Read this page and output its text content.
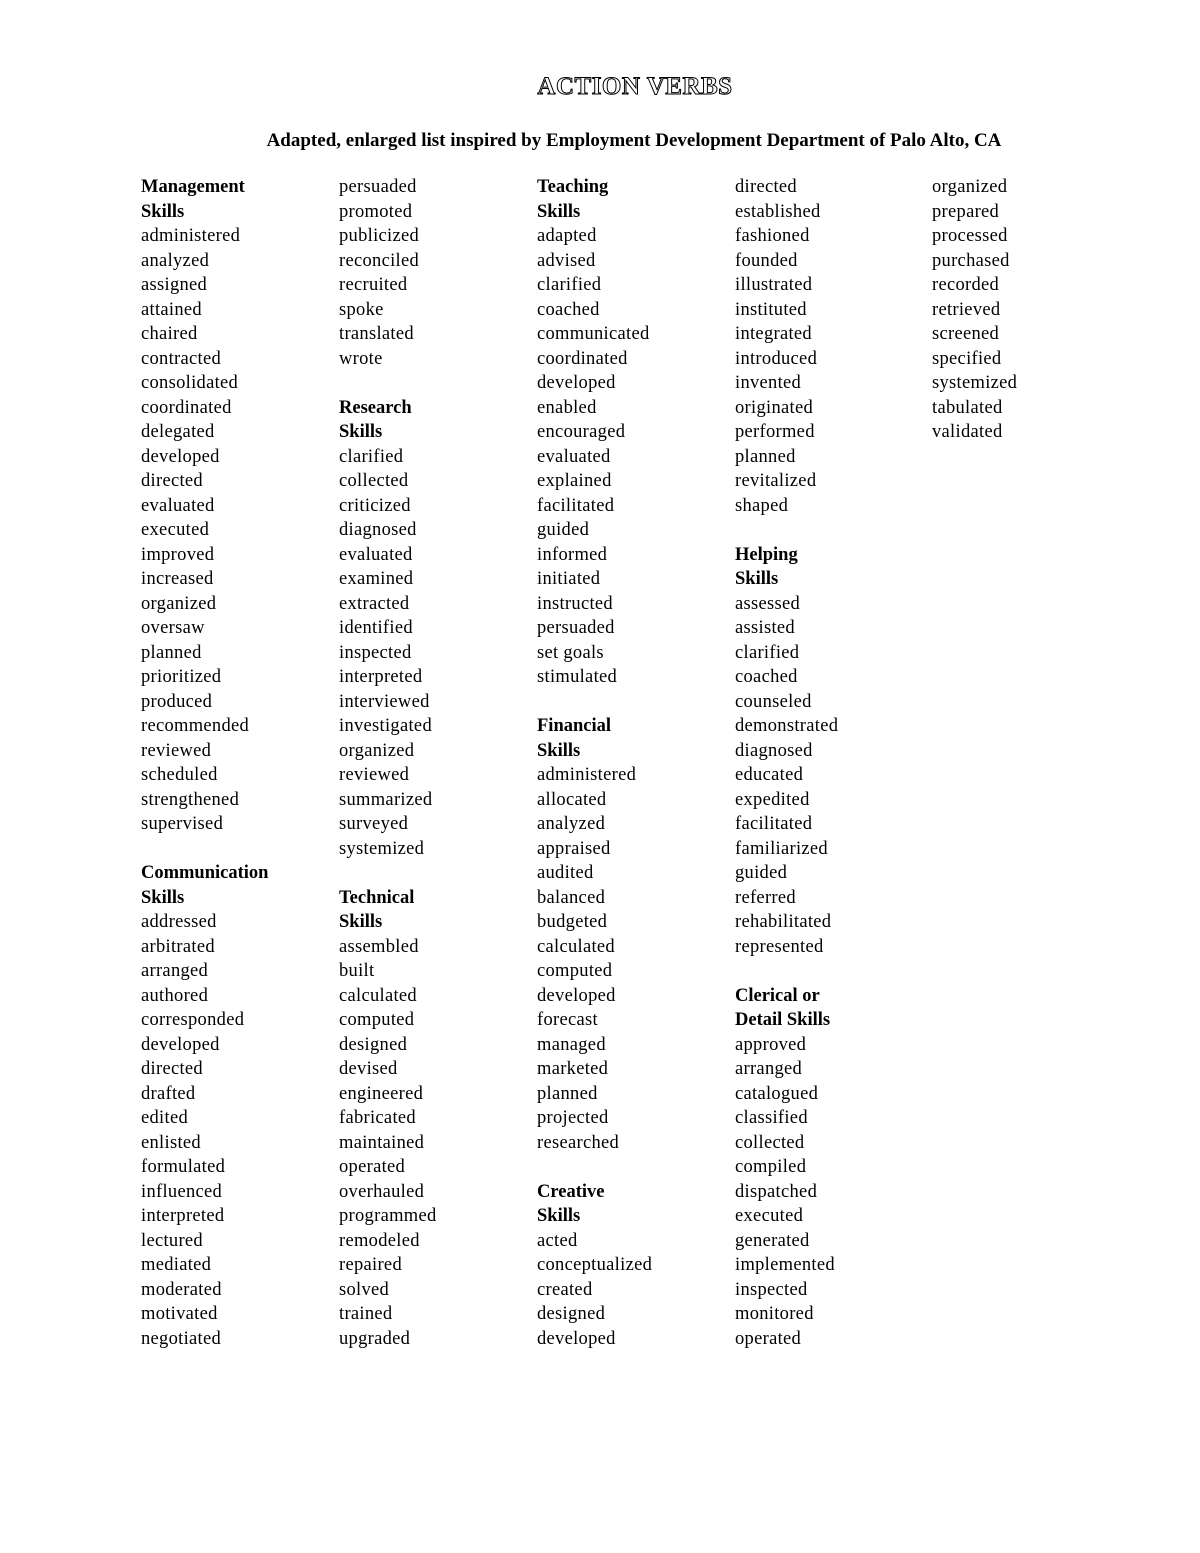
ACTION VERBS
Adapted, enlarged list inspired by Employment Development Department of Palo Alto, CA
Management
Skills
administered
analyzed
assigned
attained
chaired
contracted
consolidated
coordinated
delegated
developed
directed
evaluated
executed
improved
increased
organized
oversaw
planned
prioritized
produced
recommended
reviewed
scheduled
strengthened
supervised
Communication
Skills
addressed
arbitrated
arranged
authored
corresponded
developed
directed
drafted
edited
enlisted
formulated
influenced
interpreted
lectured
mediated
moderated
motivated
negotiated
persuaded
promoted
publicized
reconciled
recruited
spoke
translated
wrote
Research
Skills
clarified
collected
criticized
diagnosed
evaluated
examined
extracted
identified
inspected
interpreted
interviewed
investigated
organized
reviewed
summarized
surveyed
systemized
Technical
Skills
assembled
built
calculated
computed
designed
devised
engineered
fabricated
maintained
operated
overhauled
programmed
remodeled
repaired
solved
trained
upgraded
Teaching
Skills
adapted
advised
clarified
coached
communicated
coordinated
developed
enabled
encouraged
evaluated
explained
facilitated
guided
informed
initiated
instructed
persuaded
set goals
stimulated
Financial
Skills
administered
allocated
analyzed
appraised
audited
balanced
budgeted
calculated
computed
developed
forecast
managed
marketed
planned
projected
researched
Creative
Skills
acted
conceptualized
created
designed
developed
directed
established
fashioned
founded
illustrated
instituted
integrated
introduced
invented
originated
performed
planned
revitalized
shaped
Helping
Skills
assessed
assisted
clarified
coached
counseled
demonstrated
diagnosed
educated
expedited
facilitated
familiarized
guided
referred
rehabilitated
represented
Clerical or
Detail Skills
approved
arranged
catalogued
classified
collected
compiled
dispatched
executed
generated
implemented
inspected
monitored
operated
organized
prepared
processed
purchased
recorded
retrieved
screened
specified
systemized
tabulated
validated
